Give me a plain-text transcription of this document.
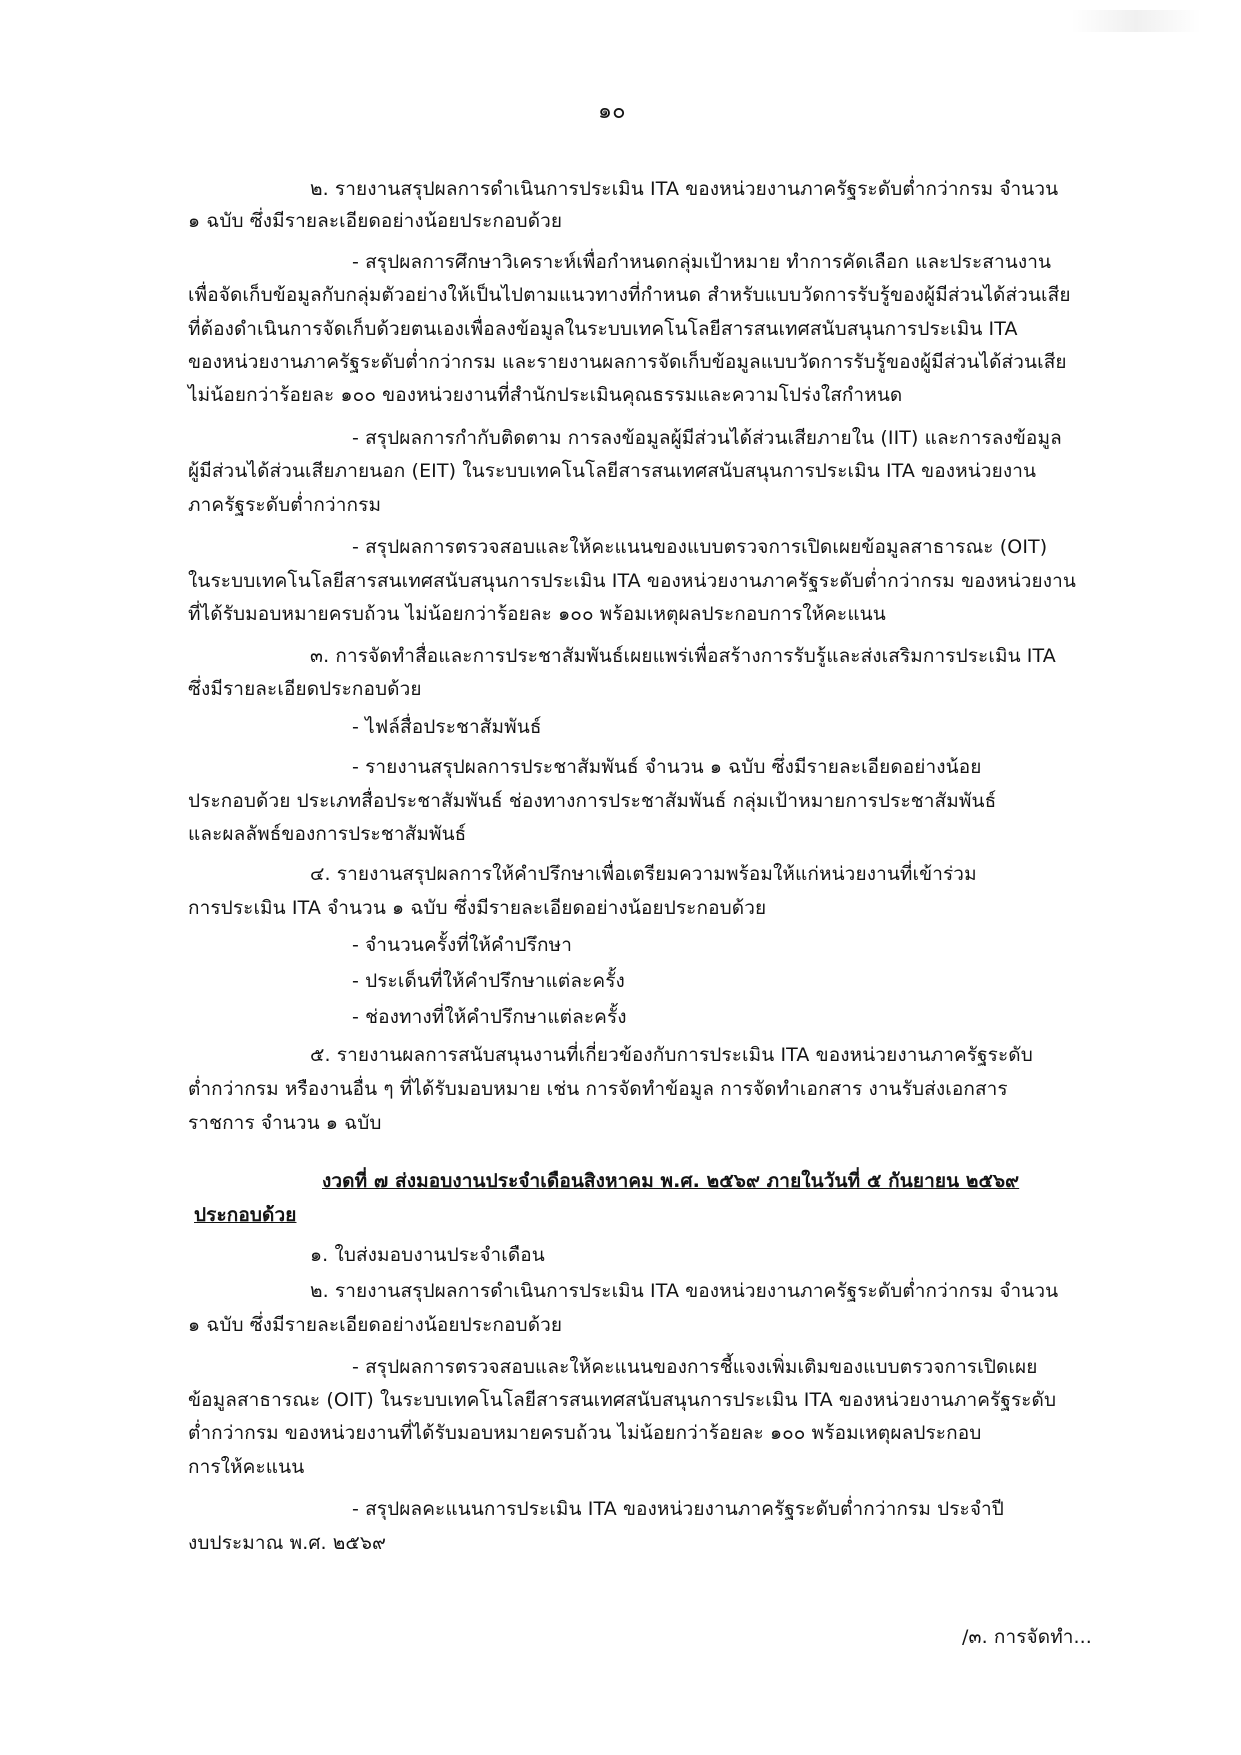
๑๐
๒. รายงานสรุปผลการดำเนินการประเมิน ITA ของหน่วยงานภาครัฐระดับต่ำกว่ากรม จำนวน
๑ ฉบับ ซึ่งมีรายละเอียดอย่างน้อยประกอบด้วย
- สรุปผลการศึกษาวิเคราะห์เพื่อกำหนดกลุ่มเป้าหมาย ทำการคัดเลือก และประสานงาน
เพื่อจัดเก็บข้อมูลกับกลุ่มตัวอย่างให้เป็นไปตามแนวทางที่กำหนด สำหรับแบบวัดการรับรู้ของผู้มีส่วนได้ส่วนเสีย
ที่ต้องดำเนินการจัดเก็บด้วยตนเองเพื่อลงข้อมูลในระบบเทคโนโลยีสารสนเทศสนับสนุนการประเมิน ITA
ของหน่วยงานภาครัฐระดับต่ำกว่ากรม และรายงานผลการจัดเก็บข้อมูลแบบวัดการรับรู้ของผู้มีส่วนได้ส่วนเสีย
ไม่น้อยกว่าร้อยละ ๑๐๐ ของหน่วยงานที่สำนักประเมินคุณธรรมและความโปร่งใสกำหนด
- สรุปผลการกำกับติดตาม การลงข้อมูลผู้มีส่วนได้ส่วนเสียภายใน (IIT) และการลงข้อมูล
ผู้มีส่วนได้ส่วนเสียภายนอก (EIT) ในระบบเทคโนโลยีสารสนเทศสนับสนุนการประเมิน ITA ของหน่วยงาน
ภาครัฐระดับต่ำกว่ากรม
- สรุปผลการตรวจสอบและให้คะแนนของแบบตรวจการเปิดเผยข้อมูลสาธารณะ (OIT)
ในระบบเทคโนโลยีสารสนเทศสนับสนุนการประเมิน ITA ของหน่วยงานภาครัฐระดับต่ำกว่ากรม ของหน่วยงาน
ที่ได้รับมอบหมายครบถ้วน ไม่น้อยกว่าร้อยละ ๑๐๐ พร้อมเหตุผลประกอบการให้คะแนน
๓. การจัดทำสื่อและการประชาสัมพันธ์เผยแพร่เพื่อสร้างการรับรู้และส่งเสริมการประเมิน ITA
ซึ่งมีรายละเอียดประกอบด้วย
- ไฟล์สื่อประชาสัมพันธ์
- รายงานสรุปผลการประชาสัมพันธ์ จำนวน ๑ ฉบับ ซึ่งมีรายละเอียดอย่างน้อย
ประกอบด้วย ประเภทสื่อประชาสัมพันธ์ ช่องทางการประชาสัมพันธ์ กลุ่มเป้าหมายการประชาสัมพันธ์
และผลลัพธ์ของการประชาสัมพันธ์
๔. รายงานสรุปผลการให้คำปรึกษาเพื่อเตรียมความพร้อมให้แก่หน่วยงานที่เข้าร่วม
การประเมิน ITA จำนวน ๑ ฉบับ ซึ่งมีรายละเอียดอย่างน้อยประกอบด้วย
- จำนวนครั้งที่ให้คำปรึกษา
- ประเด็นที่ให้คำปรึกษาแต่ละครั้ง
- ช่องทางที่ให้คำปรึกษาแต่ละครั้ง
๕. รายงานผลการสนับสนุนงานที่เกี่ยวข้องกับการประเมิน ITA ของหน่วยงานภาครัฐระดับ
ต่ำกว่ากรม หรืองานอื่น ๆ ที่ได้รับมอบหมาย เช่น การจัดทำข้อมูล การจัดทำเอกสาร งานรับส่งเอกสาร
ราชการ จำนวน ๑ ฉบับ
งวดที่ ๗ ส่งมอบงานประจำเดือนสิงหาคม พ.ศ. ๒๕๖๙ ภายในวันที่ ๕ กันยายน ๒๕๖๙
ประกอบด้วย
๑. ใบส่งมอบงานประจำเดือน
๒. รายงานสรุปผลการดำเนินการประเมิน ITA ของหน่วยงานภาครัฐระดับต่ำกว่ากรม จำนวน
๑ ฉบับ ซึ่งมีรายละเอียดอย่างน้อยประกอบด้วย
- สรุปผลการตรวจสอบและให้คะแนนของการชี้แจงเพิ่มเติมของแบบตรวจการเปิดเผย
ข้อมูลสาธารณะ (OIT) ในระบบเทคโนโลยีสารสนเทศสนับสนุนการประเมิน ITA ของหน่วยงานภาครัฐระดับ
ต่ำกว่ากรม ของหน่วยงานที่ได้รับมอบหมายครบถ้วน ไม่น้อยกว่าร้อยละ ๑๐๐ พร้อมเหตุผลประกอบ
การให้คะแนน
- สรุปผลคะแนนการประเมิน ITA ของหน่วยงานภาครัฐระดับต่ำกว่ากรม ประจำปี
งบประมาณ พ.ศ. ๒๕๖๙
/๓. การจัดทำ...
